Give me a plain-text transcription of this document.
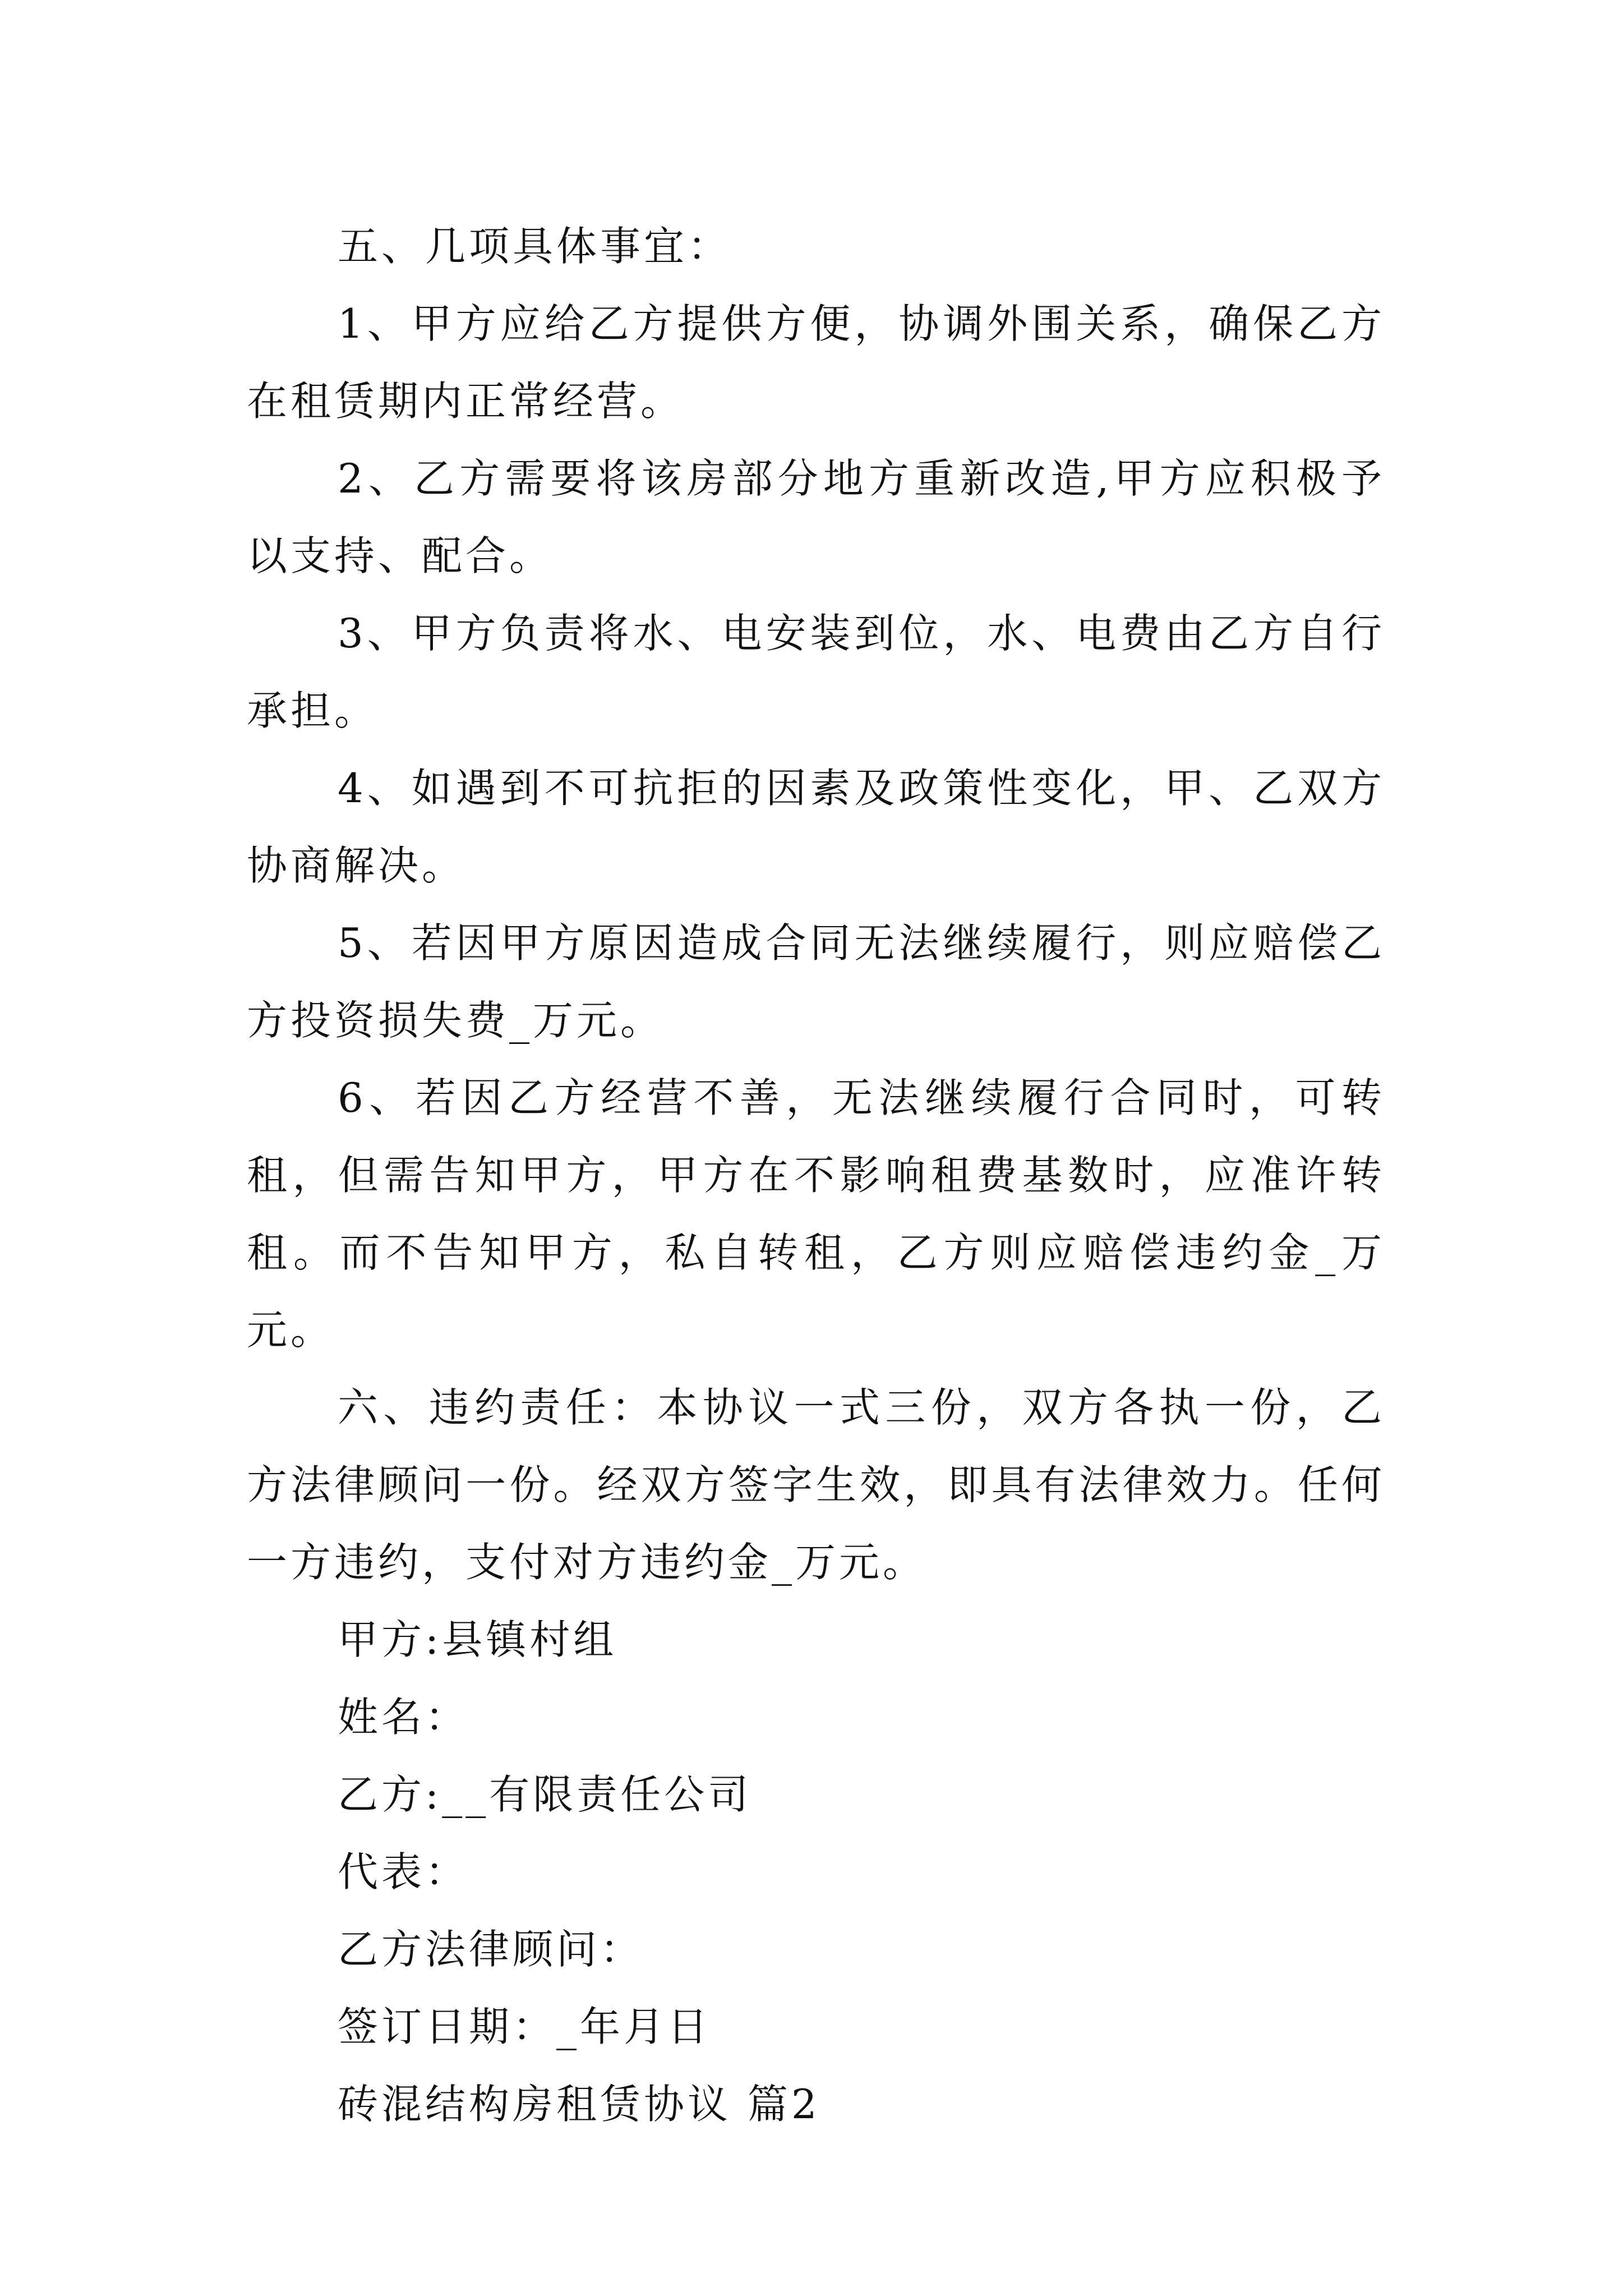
五、几项具体事宜：

1、甲方应给乙方提供方便，协调外围关系，确保乙方在租赁期内正常经营。

2、乙方需要将该房部分地方重新改造,甲方应积极予以支持、配合。

3、甲方负责将水、电安装到位，水、电费由乙方自行承担。

4、如遇到不可抗拒的因素及政策性变化，甲、乙双方协商解决。

5、若因甲方原因造成合同无法继续履行，则应赔偿乙方投资损失费_万元。

6、若因乙方经营不善，无法继续履行合同时，可转租，但需告知甲方，甲方在不影响租费基数时，应准许转租。而不告知甲方，私自转租，乙方则应赔偿违约金_万元。

六、违约责任：本协议一式三份，双方各执一份，乙方法律顾问一份。经双方签字生效，即具有法律效力。任何一方违约，支付对方违约金_万元。

甲方:县镇村组

姓名：

乙方:__有限责任公司

代表：

乙方法律顾问：

签订日期：_年月日

砖混结构房租赁协议 篇2
